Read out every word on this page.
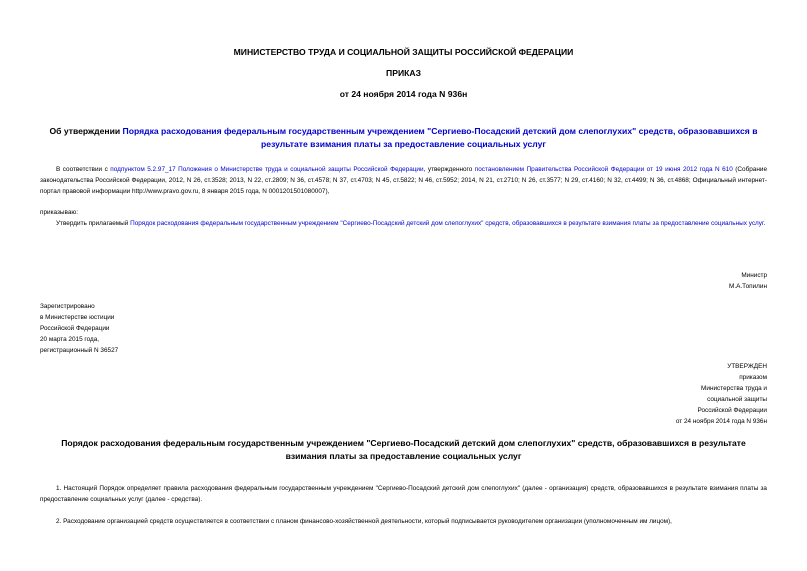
МИНИСТЕРСТВО ТРУДА И СОЦИАЛЬНОЙ ЗАЩИТЫ РОССИЙСКОЙ ФЕДЕРАЦИИ
ПРИКАЗ
от 24 ноября 2014 года N 936н
Об утверждении Порядка расходования федеральным государственным учреждением "Сергиево-Посадский детский дом слепоглухих" средств, образовавшихся в результате взимания платы за предоставление социальных услуг
В соответствии с подпунктом 5.2.97_17 Положения о Министерстве труда и социальной защиты Российской Федерации, утвержденного постановлением Правительства Российской Федерации от 19 июня 2012 года N 610 (Собрание законодательства Российской Федерации, 2012, N 26, ст.3528; 2013, N 22, ст.2809; N 36, ст.4578; N 37, ст.4703; N 45, ст.5822; N 46, ст.5952; 2014, N 21, ст.2710; N 26, ст.3577; N 29, ст.4160; N 32, ст.4499; N 36, ст.4868; Официальный интернет-портал правовой информации http://www.pravo.gov.ru, 8 января 2015 года, N 0001201501080007),
приказываю:
Утвердить прилагаемый Порядок расходования федеральным государственным учреждением "Сергиево-Посадский детский дом слепоглухих" средств, образовавшихся в результате взимания платы за предоставление социальных услуг.
Министр
М.А.Топилин
Зарегистрировано
в Министерстве юстиции
Российской Федерации
20 марта 2015 года,
регистрационный N 36527
УТВЕРЖДЕН
приказом
Министерства труда и
социальной защиты
Российской Федерации
от 24 ноября 2014 года N 936н
Порядок расходования федеральным государственным учреждением "Сергиево-Посадский детский дом слепоглухих" средств, образовавшихся в результате взимания платы за предоставление социальных услуг
1. Настоящий Порядок определяет правила расходования федеральным государственным учреждением "Сергиево-Посадский детский дом слепоглухих" (далее - организация) средств, образовавшихся в результате взимания платы за предоставление социальных услуг (далее - средства).
2. Расходование организацией средств осуществляется в соответствии с планом финансово-хозяйственной деятельности, который подписывается руководителем организации (уполномоченным им лицом),
